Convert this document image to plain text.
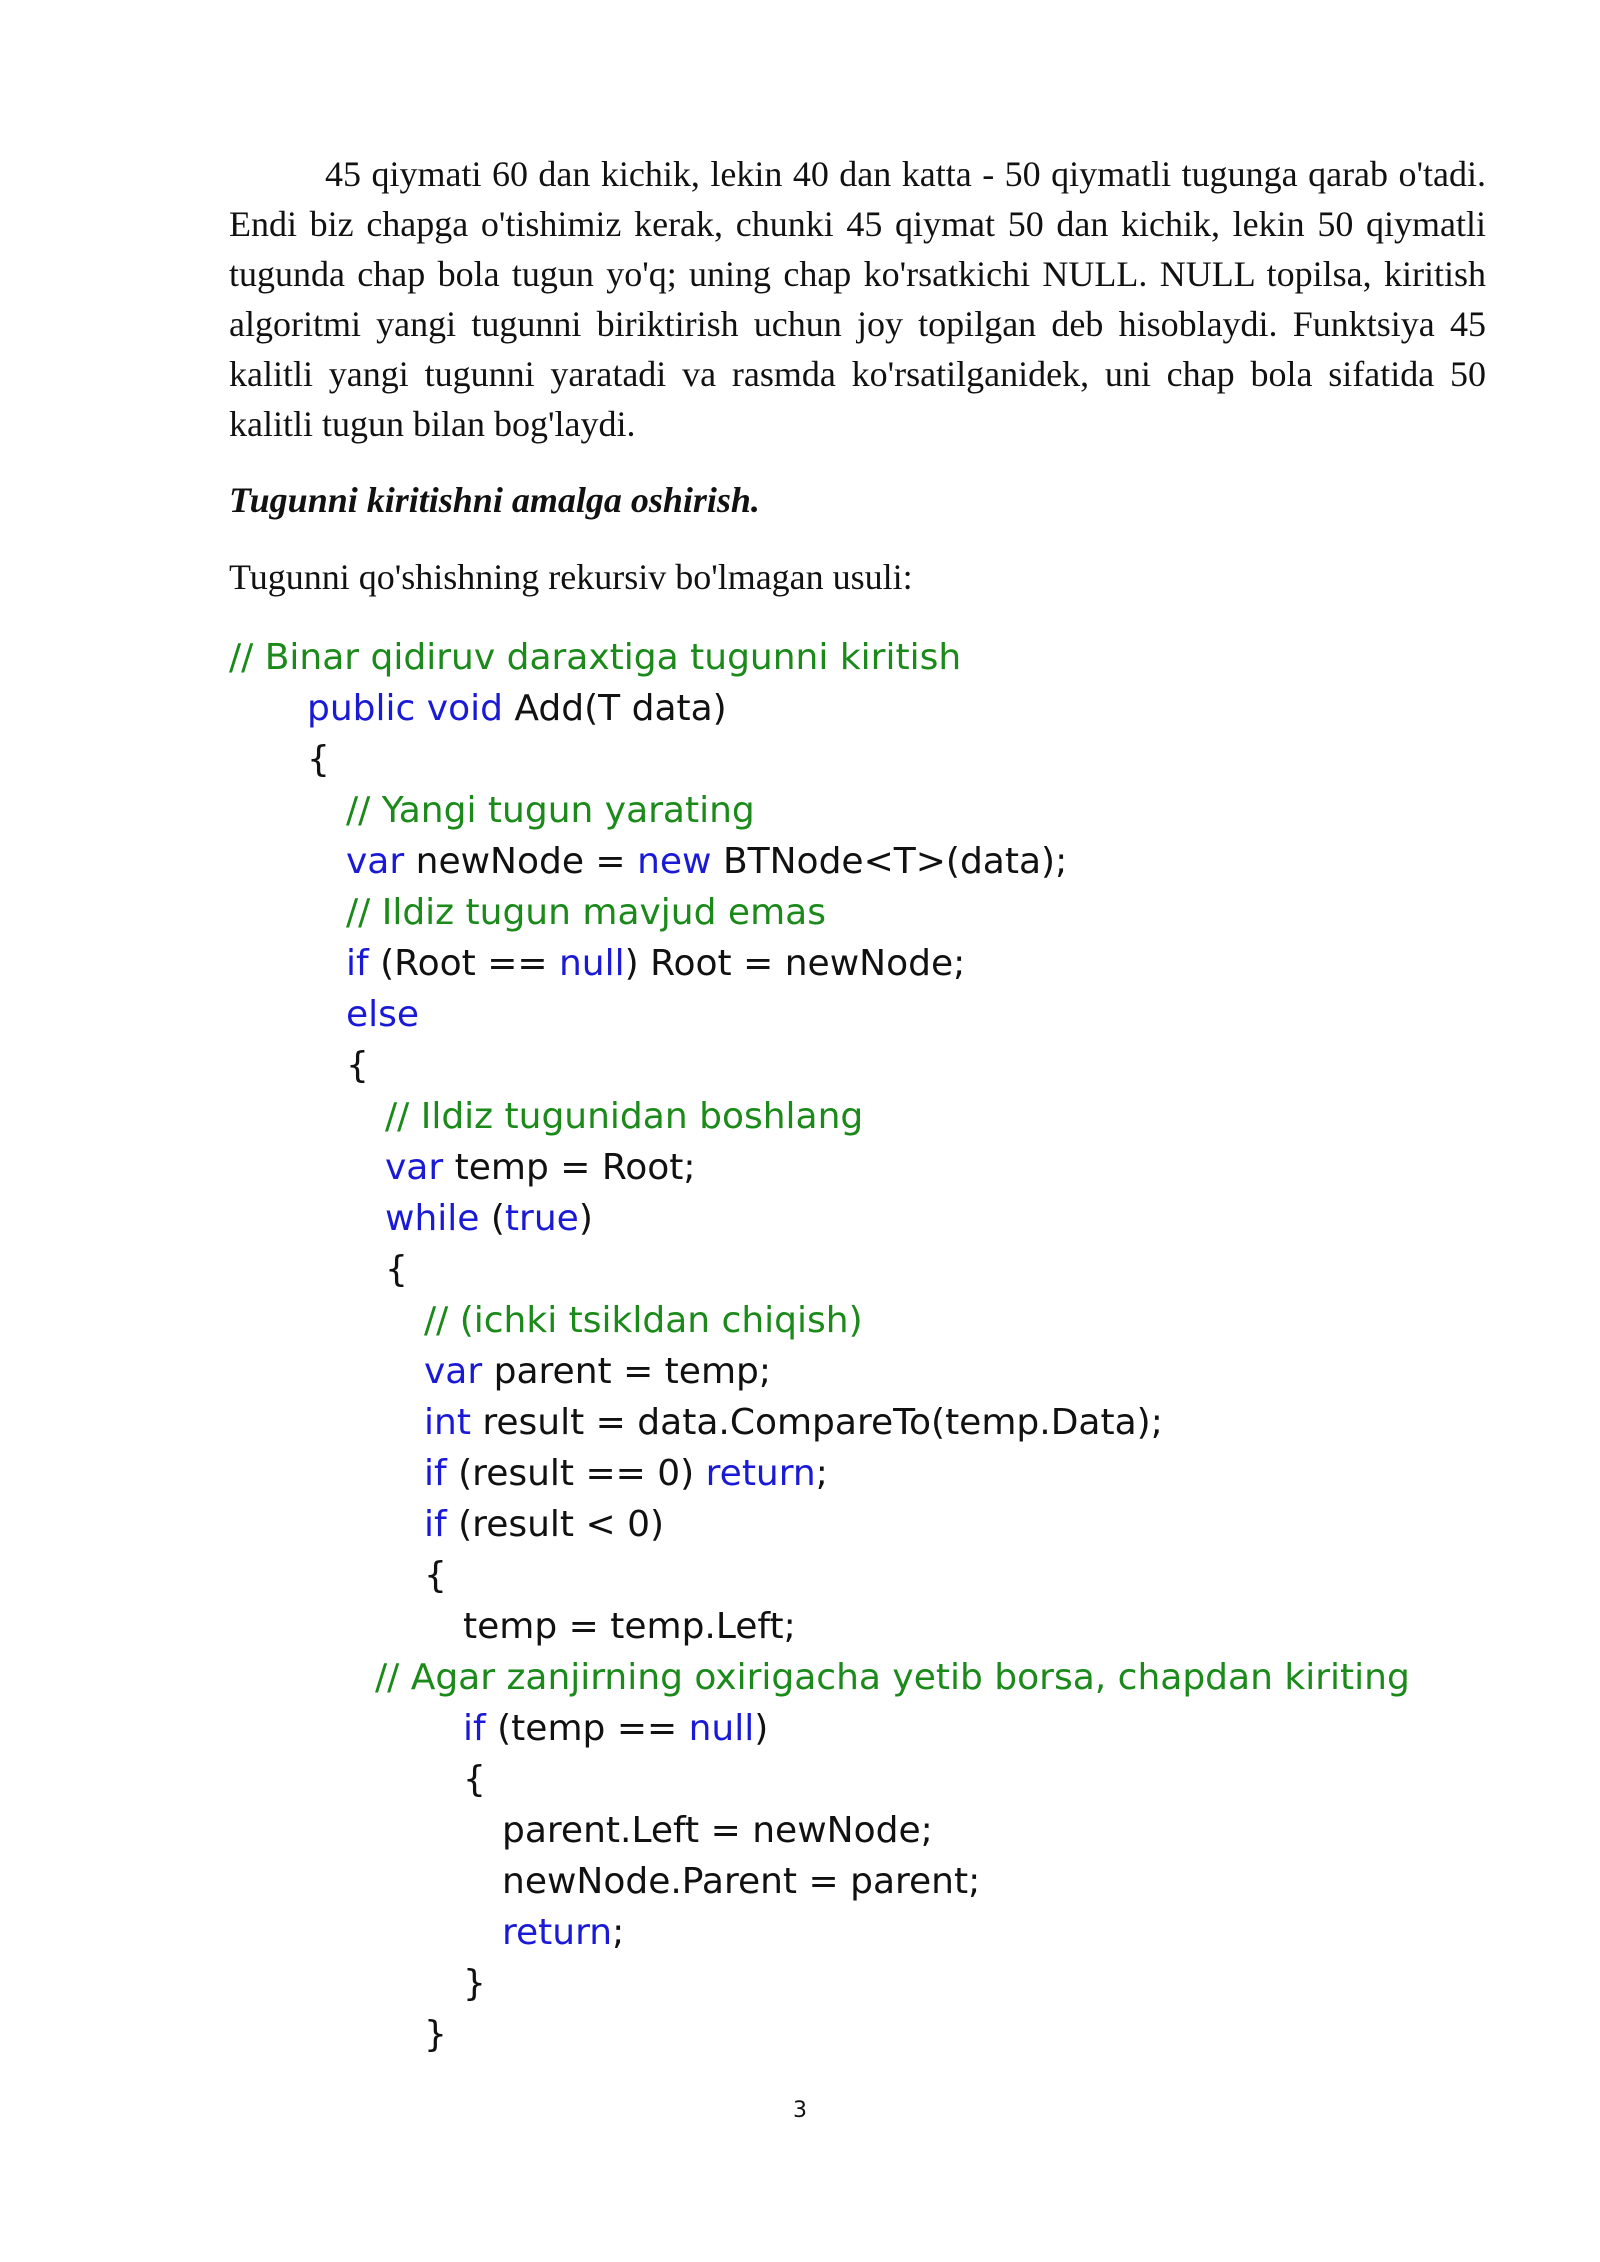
45 qiymati 60 dan kichik, lekin 40 dan katta - 50 qiymatli tugunga qarab o'tadi. Endi biz chapga o'tishimiz kerak, chunki 45 qiymat 50 dan kichik, lekin 50 qiymatli tugunda chap bola tugun yo'q; uning chap ko'rsatkichi NULL. NULL topilsa, kiritish algoritmi yangi tugunni biriktirish uchun joy topilgan deb hisoblaydi. Funktsiya 45 kalitli yangi tugunni yaratadi va rasmda ko'rsatilganidek, uni chap bola sifatida 50 kalitli tugun bilan bog'laydi.

Tugunni kiritishni amalga oshirish.

Tugunni qo'shishning rekursiv bo'lmagan usuli:

// Binar qidiruv daraxtiga tugunni kiritish
public void Add(T data)
{
// Yangi tugun yarating
var newNode = new BTNode<T>(data);
// Ildiz tugun mavjud emas
if (Root == null) Root = newNode;
else
{
// Ildiz tugunidan boshlang
var temp = Root;
while (true)
{
// (ichki tsikldan chiqish)
var parent = temp;
int result = data.CompareTo(temp.Data);
if (result == 0) return;
if (result < 0)
{
temp = temp.Left;
// Agar zanjirning oxirigacha yetib borsa, chapdan kiriting
if (temp == null)
{
parent.Left = newNode;
newNode.Parent = parent;
return;
}
}
3
